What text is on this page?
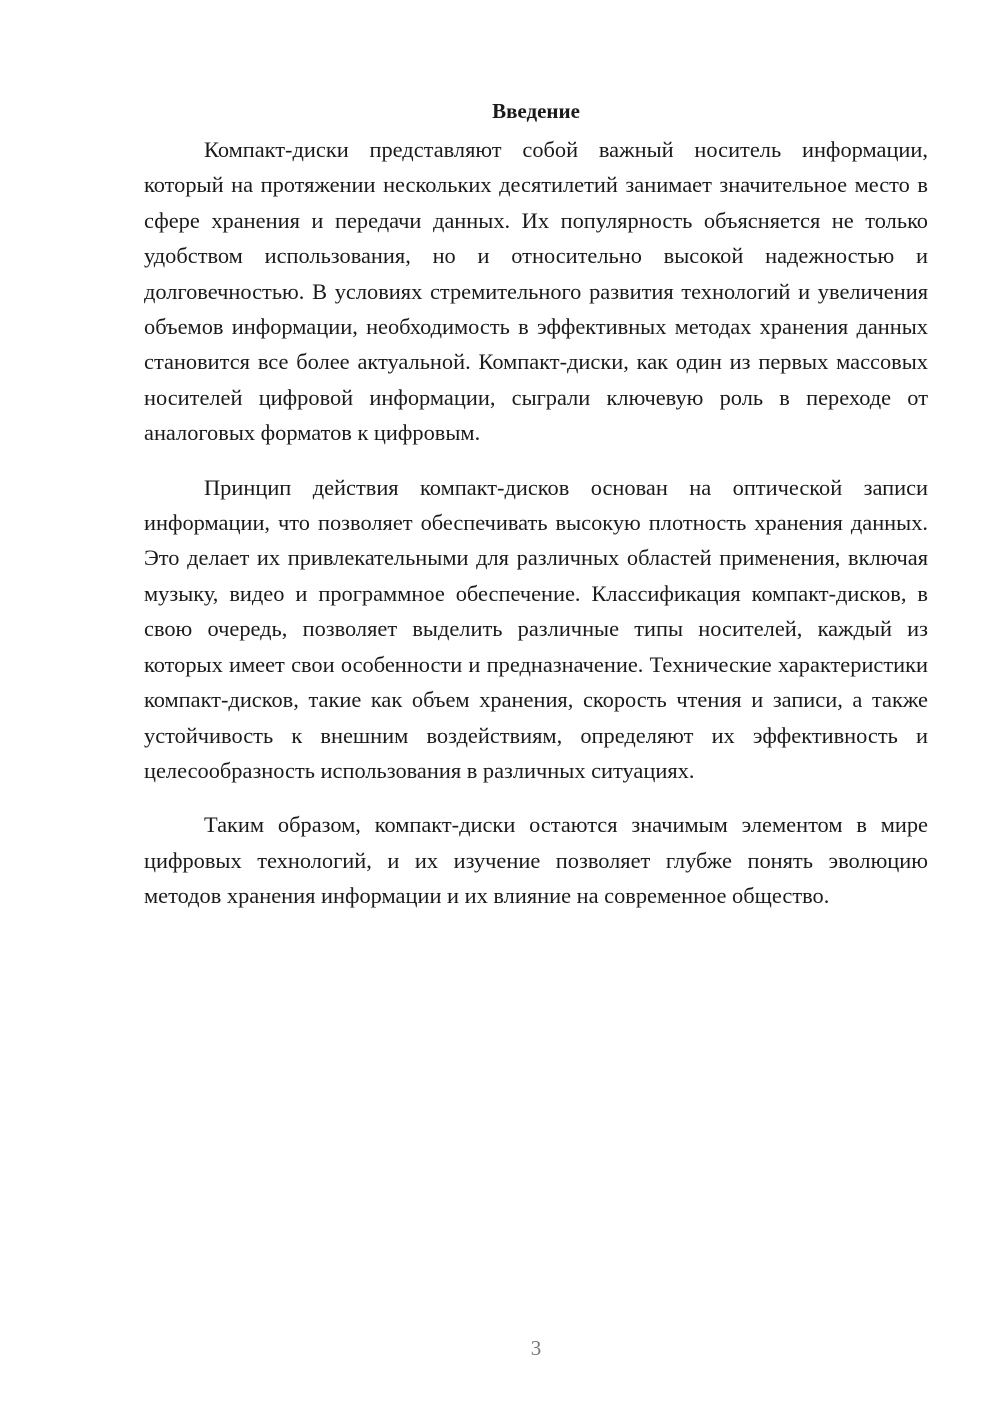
Введение

Компакт-диски представляют собой важный носитель информации, который на протяжении нескольких десятилетий занимает значительное место в сфере хранения и передачи данных. Их популярность объясняется не только удобством использования, но и относительно высокой надежностью и долговечностью. В условиях стремительного развития технологий и увеличения объемов информации, необходимость в эффективных методах хранения данных становится все более актуальной. Компакт-диски, как один из первых массовых носителей цифровой информации, сыграли ключевую роль в переходе от аналоговых форматов к цифровым.

Принцип действия компакт-дисков основан на оптической записи информации, что позволяет обеспечивать высокую плотность хранения данных. Это делает их привлекательными для различных областей применения, включая музыку, видео и программное обеспечение. Классификация компакт-дисков, в свою очередь, позволяет выделить различные типы носителей, каждый из которых имеет свои особенности и предназначение. Технические характеристики компакт-дисков, такие как объем хранения, скорость чтения и записи, а также устойчивость к внешним воздействиям, определяют их эффективность и целесообразность использования в различных ситуациях.

Таким образом, компакт-диски остаются значимым элементом в мире цифровых технологий, и их изучение позволяет глубже понять эволюцию методов хранения информации и их влияние на современное общество.

3
